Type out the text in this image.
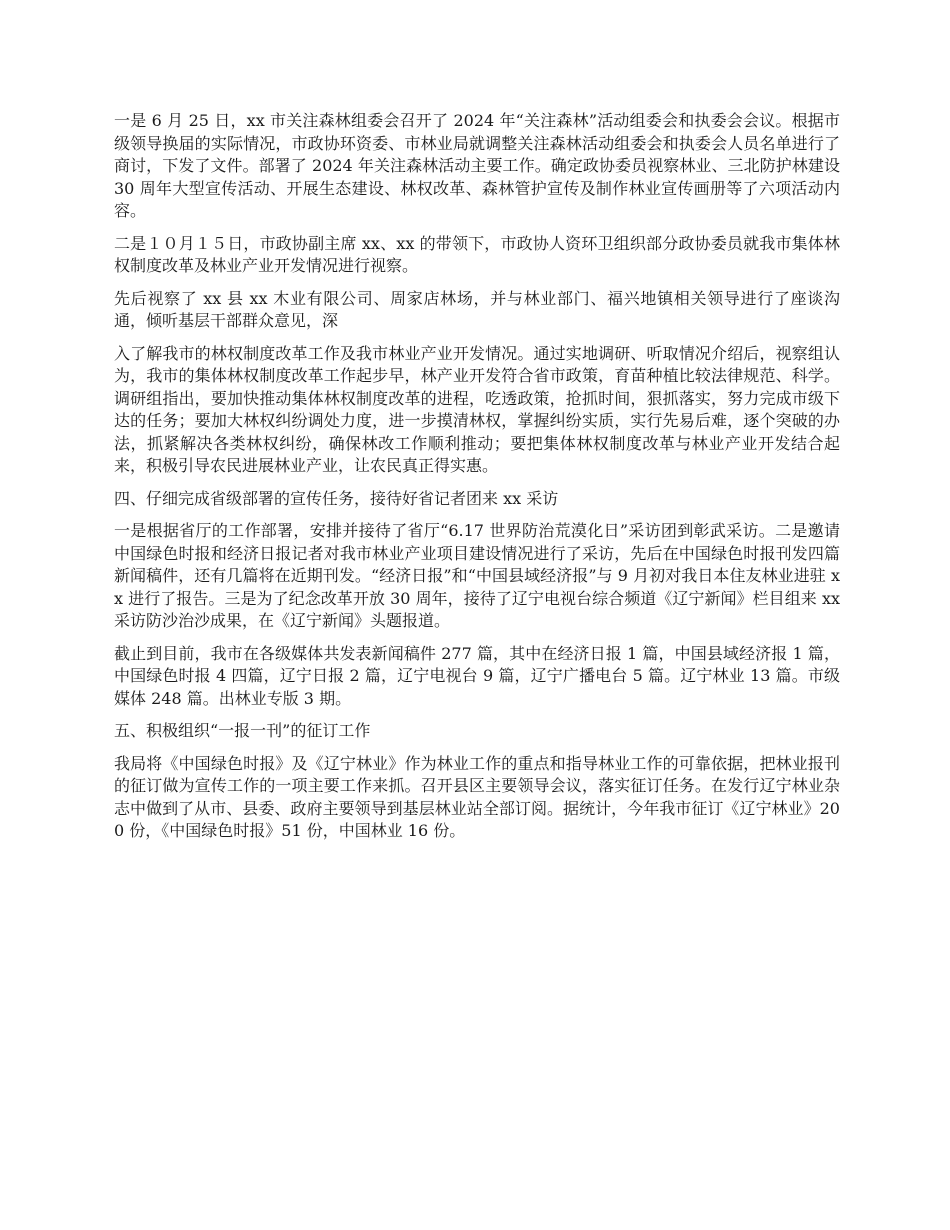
一是 6 月 25 日，xx 市关注森林组委会召开了 2024 年“关注森林”活动组委会和执委会会议。根据市级领导换届的实际情况，市政协环资委、市林业局就调整关注森林活动组委会和执委会人员名单进行了商讨，下发了文件。部署了 2024 年关注森林活动主要工作。确定政协委员视察林业、三北防护林建设 30 周年大型宣传活动、开展生态建设、林权改革、森林管护宣传及制作林业宣传画册等了六项活动内容。

二是１０月１５日，市政协副主席 xx、xx 的带领下，市政协人资环卫组织部分政协委员就我市集体林权制度改革及林业产业开发情况进行视察。

先后视察了 xx 县 xx 木业有限公司、周家店林场，并与林业部门、福兴地镇相关领导进行了座谈沟通，倾听基层干部群众意见，深

入了解我市的林权制度改革工作及我市林业产业开发情况。通过实地调研、听取情况介绍后，视察组认为，我市的集体林权制度改革工作起步早，林产业开发符合省市政策，育苗种植比较法律规范、科学。调研组指出，要加快推动集体林权制度改革的进程，吃透政策，抢抓时间，狠抓落实，努力完成市级下达的任务；要加大林权纠纷调处力度，进一步摸清林权，掌握纠纷实质，实行先易后难，逐个突破的办法，抓紧解决各类林权纠纷，确保林改工作顺利推动；要把集体林权制度改革与林业产业开发结合起来，积极引导农民进展林业产业，让农民真正得实惠。

四、仔细完成省级部署的宣传任务，接待好省记者团来 xx 采访

一是根据省厅的工作部署，安排并接待了省厅“6.17 世界防治荒漠化日”采访团到彰武采访。二是邀请中国绿色时报和经济日报记者对我市林业产业项目建设情况进行了采访，先后在中国绿色时报刊发四篇新闻稿件，还有几篇将在近期刊发。“经济日报”和“中国县域经济报”与 9 月初对我日本住友林业进驻 xx 进行了报告。三是为了纪念改革开放 30 周年，接待了辽宁电视台综合频道《辽宁新闻》栏目组来 xx 采访防沙治沙成果，在《辽宁新闻》头题报道。

截止到目前，我市在各级媒体共发表新闻稿件 277 篇，其中在经济日报 1 篇，中国县域经济报 1 篇，中国绿色时报 4 四篇，辽宁日报 2 篇，辽宁电视台 9 篇，辽宁广播电台 5 篇。辽宁林业 13 篇。市级媒体 248 篇。出林业专版 3 期。

五、积极组织“一报一刊”的征订工作

我局将《中国绿色时报》及《辽宁林业》作为林业工作的重点和指导林业工作的可靠依据，把林业报刊的征订做为宣传工作的一项主要工作来抓。召开县区主要领导会议，落实征订任务。在发行辽宁林业杂志中做到了从市、县委、政府主要领导到基层林业站全部订阅。据统计，今年我市征订《辽宁林业》200 份，《中国绿色时报》51 份，中国林业 16 份。
